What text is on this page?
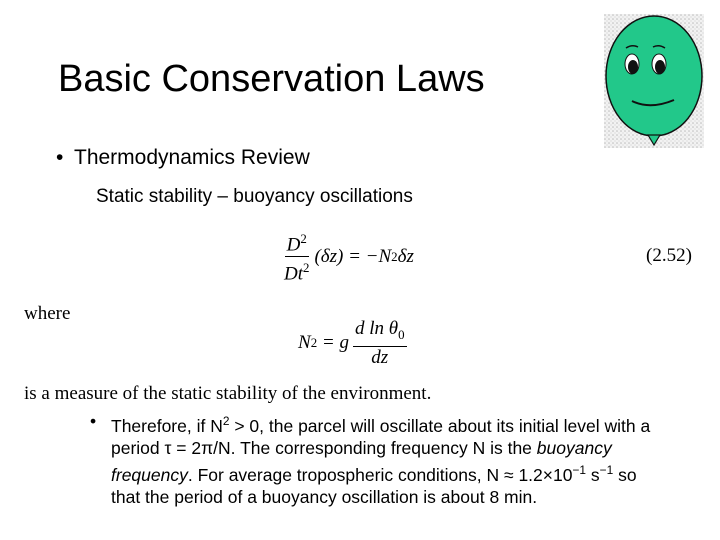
Basic Conservation Laws
• Thermodynamics Review
Static stability – buoyancy oscillations
$\frac{D^2}{Dt^2} (\delta z) = -N$ 2 δz	(2.52)
where
N 2 = g $\frac{d \ln \theta_0}{dz}$
is a measure of the static stability of the environment.
• Therefore, if $N^2 > 0$, the parcel will oscillate about its initial level with a period τ = 2π/N. The corresponding frequency N is the buoyancy frequency. For average tropospheric conditions, $N \approx 1.2\times 10^{-1}$ $s^{-1}$ so that the period of a buoyancy oscillation is about 8 min.
